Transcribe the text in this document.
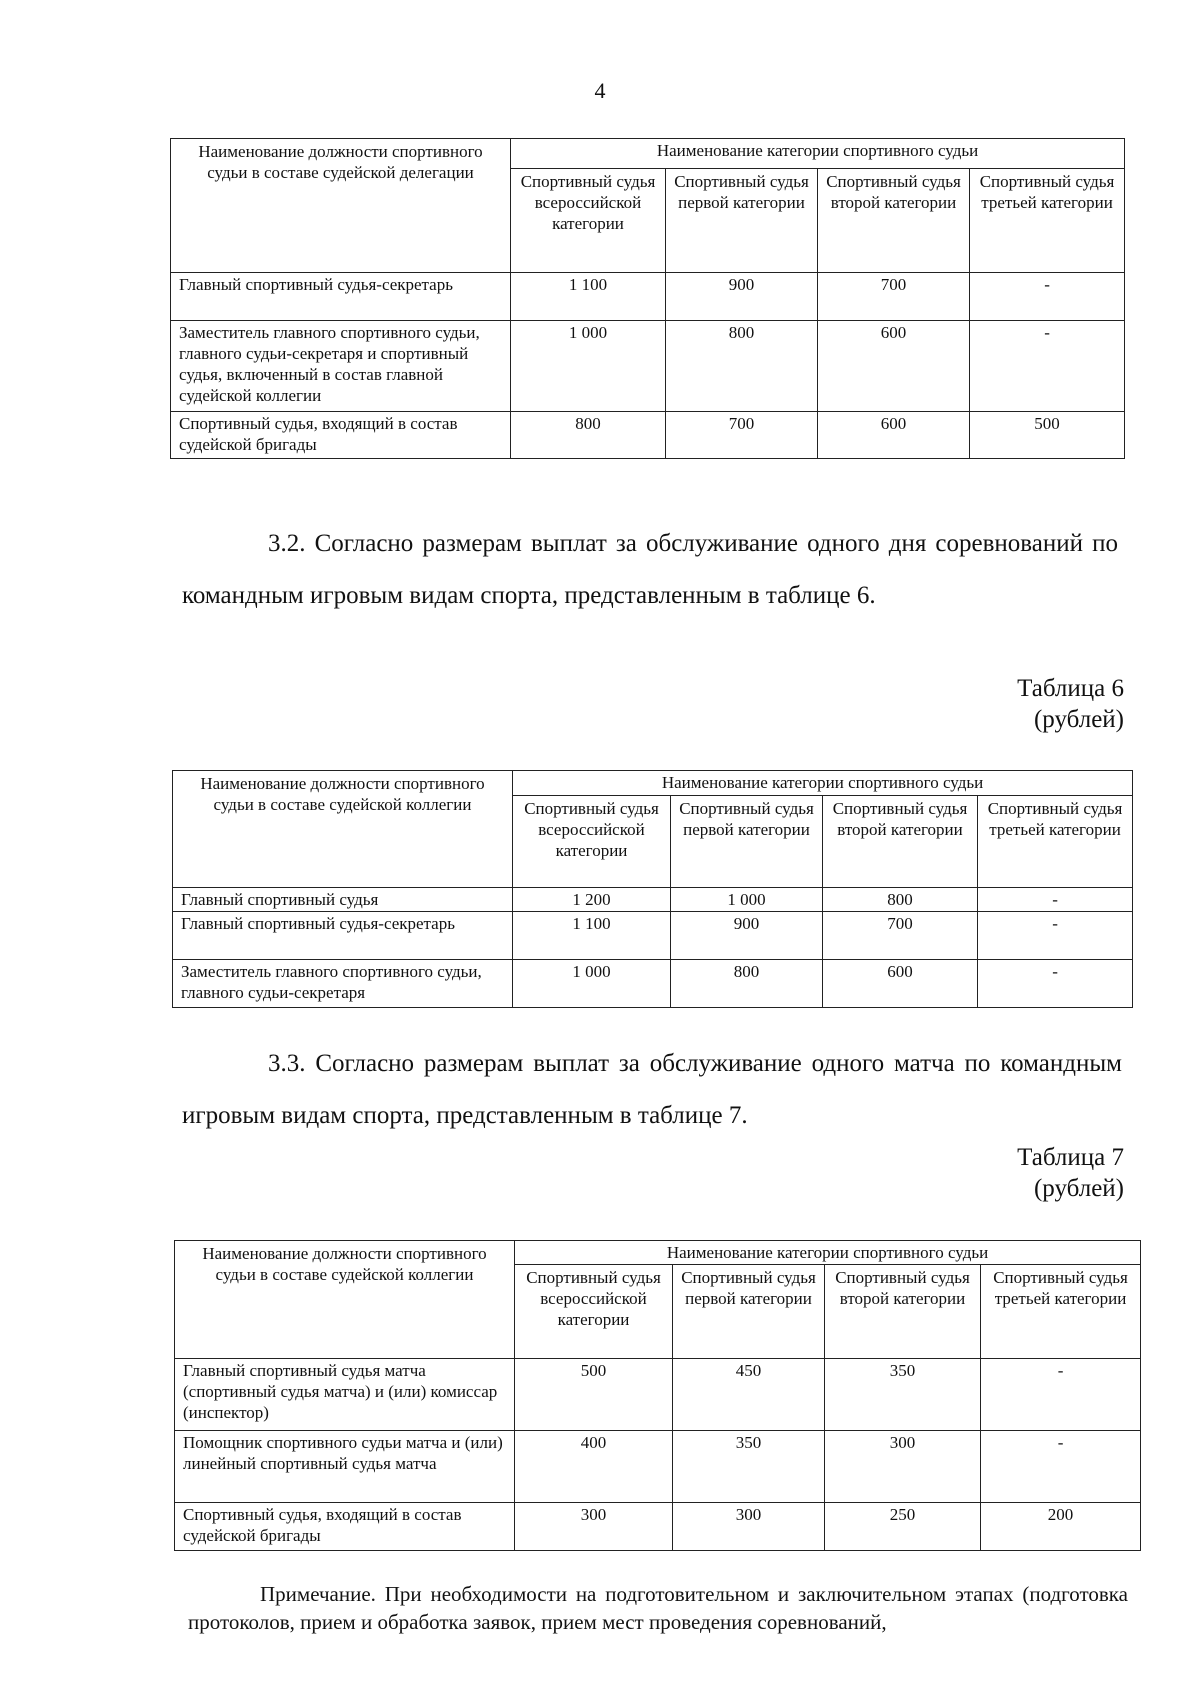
4
Наименование должности спортивного судьи в составе судейской делегации	Наименование категории спортивного судьи			
	Спортивный судья всероссийской категории	Спортивный судья первой категории	Спортивный судья второй категории	Спортивный судья третьей категории
Главный спортивный судья-секретарь	1 100	900	700	-
Заместитель главного спортивного судьи, главного судьи-секретаря и спортивный судья, включенный в состав главной судейской коллегии	1 000	800	600	-
Спортивный судья, входящий в состав судейской бригады	800	700	600	500
3.2. Согласно размерам выплат за обслуживание одного дня соревнований по командным игровым видам спорта, представленным в таблице 6.
Таблица 6
(рублей)
Наименование должности спортивного судьи в составе судейской коллегии	Наименование категории спортивного судьи			
	Спортивный судья всероссийской категории	Спортивный судья первой категории	Спортивный судья второй категории	Спортивный судья третьей категории
Главный спортивный судья	1 200	1 000	800	-
Главный спортивный судья-секретарь	1 100	900	700	-
Заместитель главного спортивного судьи, главного судьи-секретаря	1 000	800	600	-
3.3. Согласно размерам выплат за обслуживание одного матча по командным игровым видам спорта, представленным в таблице 7.
Таблица 7
(рублей)
Наименование должности спортивного судьи в составе судейской коллегии	Наименование категории спортивного судьи			
	Спортивный судья всероссийской категории	Спортивный судья первой категории	Спортивный судья второй категории	Спортивный судья третьей категории
Главный спортивный судья матча (спортивный судья матча) и (или) комиссар (инспектор)	500	450	350	-
Помощник спортивного судьи матча и (или) линейный спортивный судья матча	400	350	300	-
Спортивный судья, входящий в состав судейской бригады	300	300	250	200
Примечание. При необходимости на подготовительном и заключительном этапах (подготовка протоколов, прием и обработка заявок, прием мест проведения соревнований,
